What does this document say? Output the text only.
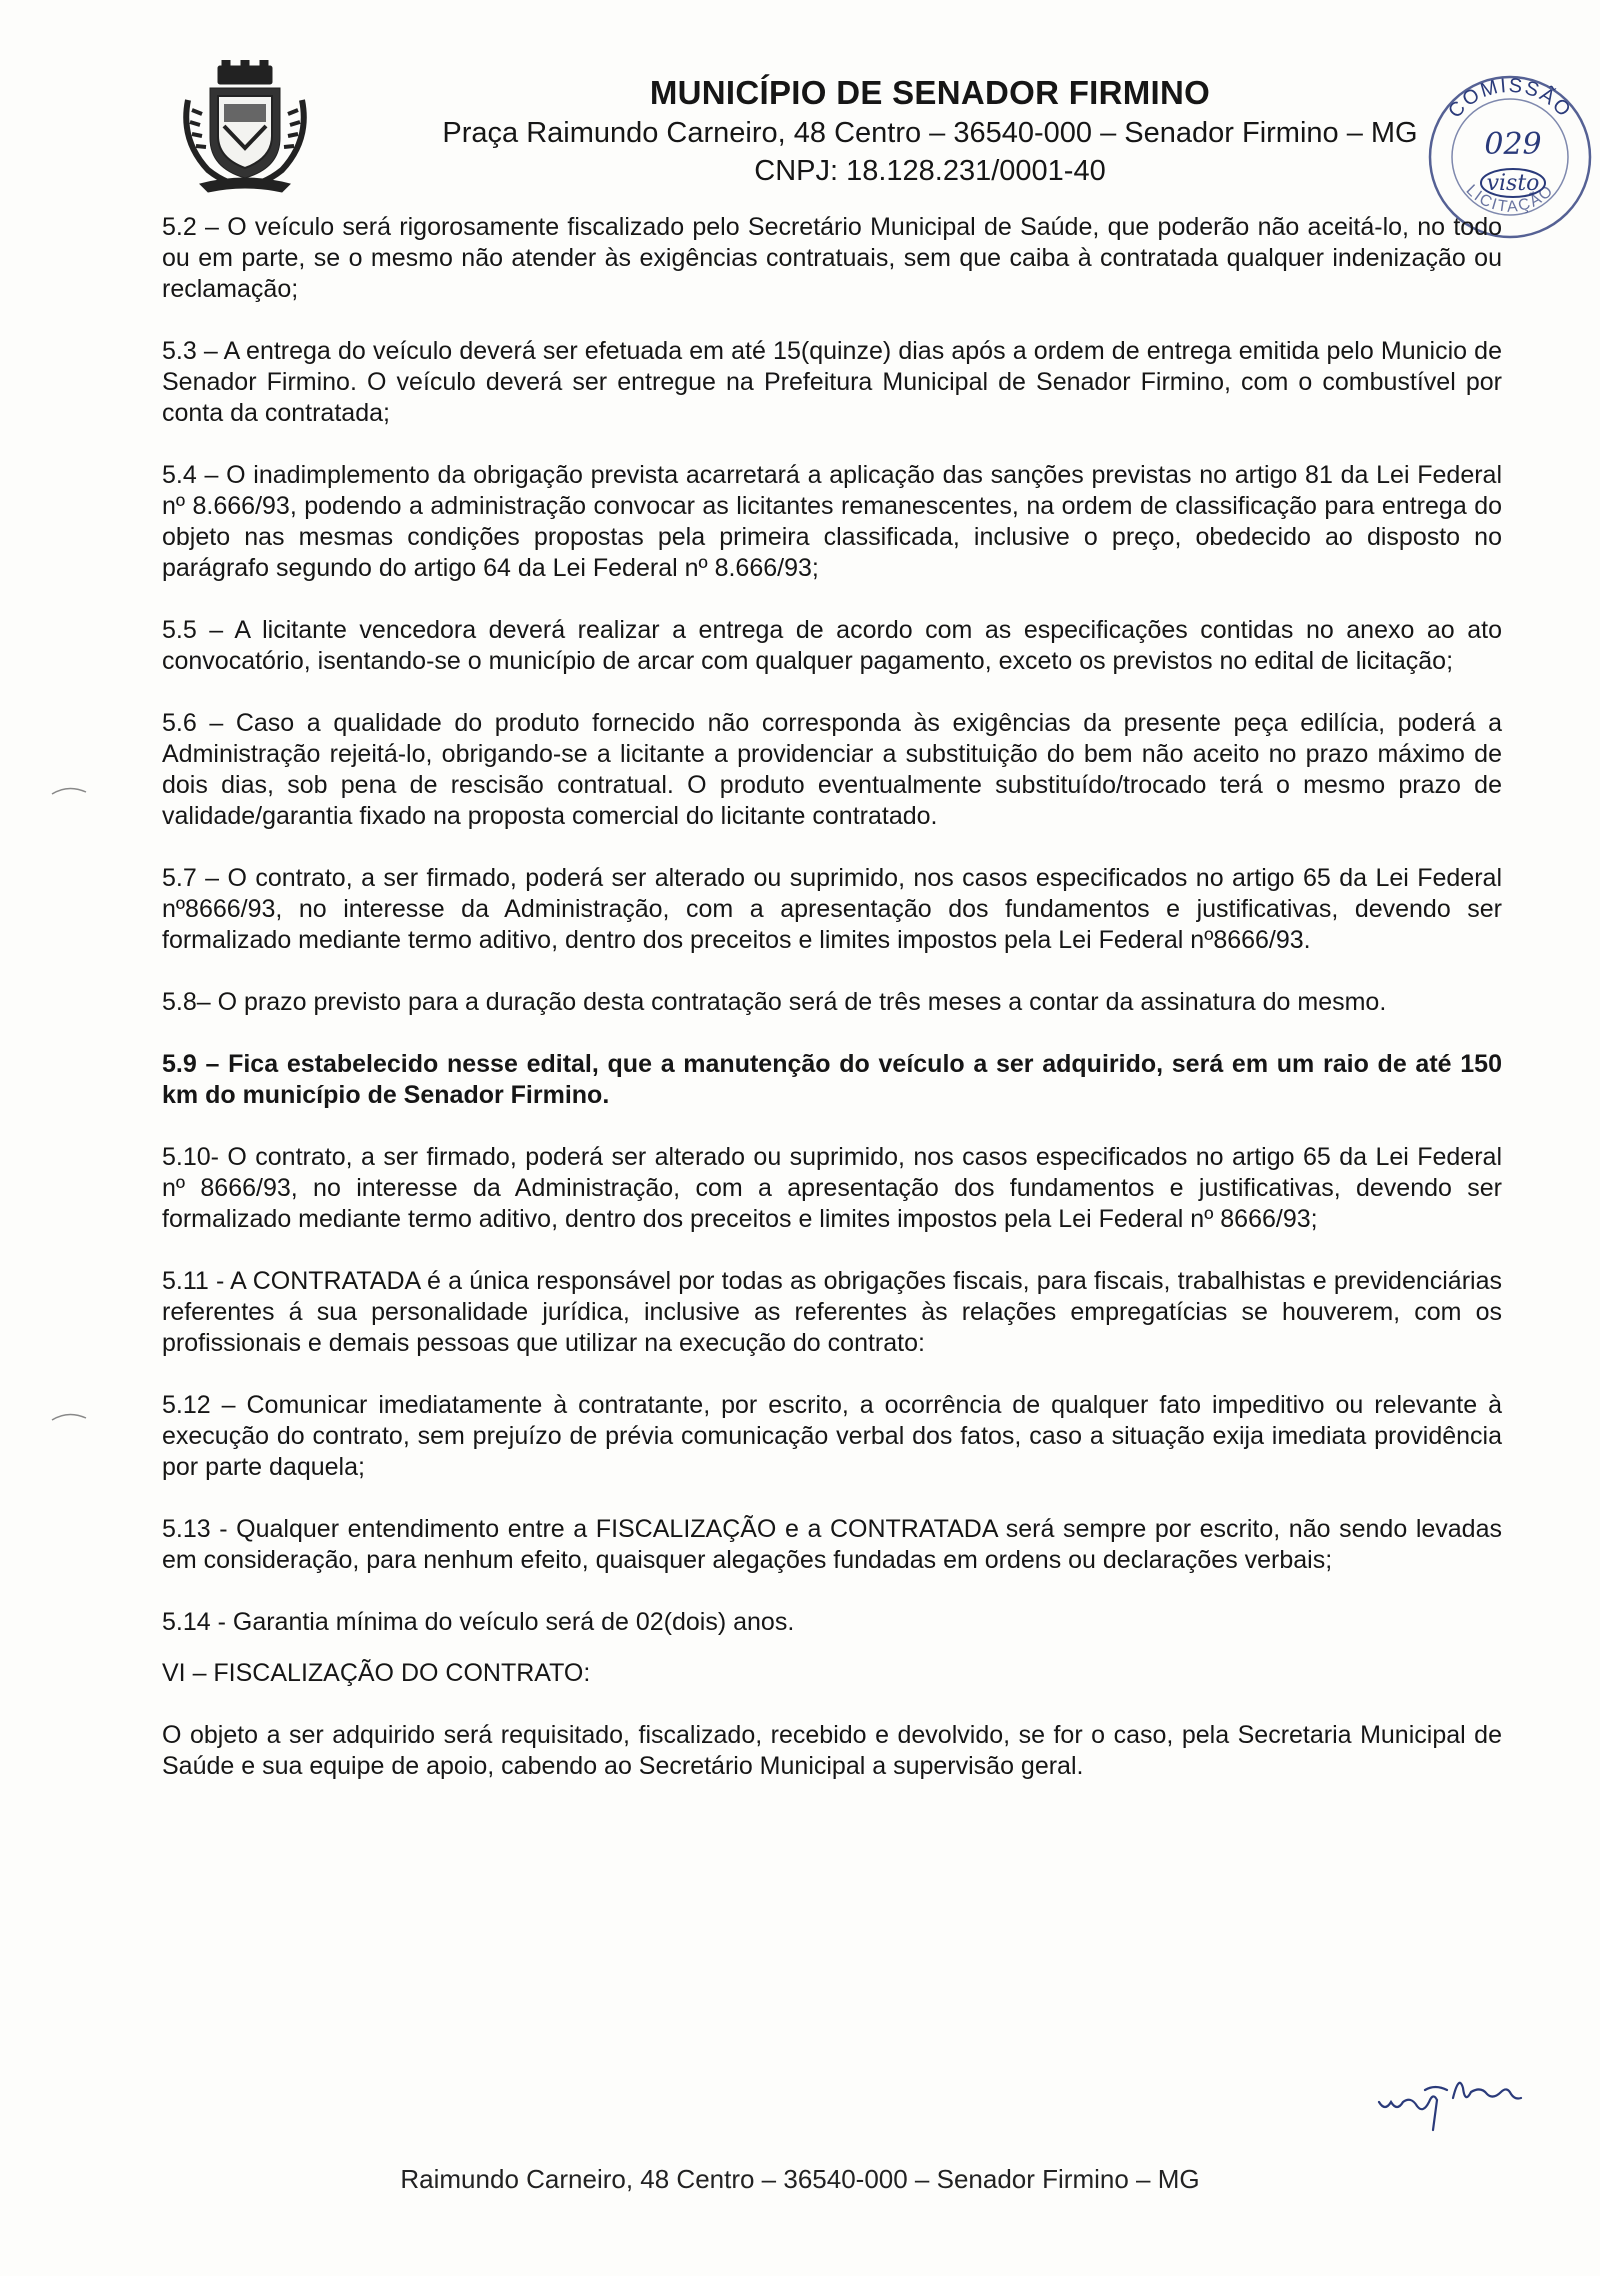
MUNICÍPIO DE SENADOR FIRMINO

Praça Raimundo Carneiro, 48 Centro – 36540-000 – Senador Firmino – MG

CNPJ: 18.128.231/0001-40

COMISSÃO
LICITAÇÃO
029
visto

5.2 – O veículo será rigorosamente fiscalizado pelo Secretário Municipal de Saúde, que poderão não aceitá-lo, no todo ou em parte, se o mesmo não atender às exigências contratuais, sem que caiba à contratada qualquer indenização ou reclamação;

5.3 – A entrega do veículo deverá ser efetuada em até 15(quinze) dias após a ordem de entrega emitida pelo Municio de Senador Firmino. O veículo deverá ser entregue na Prefeitura Municipal de Senador Firmino, com o combustível por conta da contratada;

5.4 – O inadimplemento da obrigação prevista acarretará a aplicação das sanções previstas no artigo 81 da Lei Federal nº 8.666/93, podendo a administração convocar as licitantes remanescentes, na ordem de classificação para entrega do objeto nas mesmas condições propostas pela primeira classificada, inclusive o preço, obedecido ao disposto no parágrafo segundo do artigo 64 da Lei Federal nº 8.666/93;

5.5 – A licitante vencedora deverá realizar a entrega de acordo com as especificações contidas no anexo ao ato convocatório, isentando-se o município de arcar com qualquer pagamento, exceto os previstos no edital de licitação;

5.6 – Caso a qualidade do produto fornecido não corresponda às exigências da presente peça edilícia, poderá a Administração rejeitá-lo, obrigando-se a licitante a providenciar a substituição do bem não aceito no prazo máximo de dois dias, sob pena de rescisão contratual. O produto eventualmente substituído/trocado terá o mesmo prazo de validade/garantia fixado na proposta comercial do licitante contratado.

5.7 – O contrato, a ser firmado, poderá ser alterado ou suprimido, nos casos especificados no artigo 65 da Lei Federal nº8666/93, no interesse da Administração, com a apresentação dos fundamentos e justificativas, devendo ser formalizado mediante termo aditivo, dentro dos preceitos e limites impostos pela Lei Federal nº8666/93.

5.8– O prazo previsto para a duração desta contratação será de três meses a contar da assinatura do mesmo.

5.9 – Fica estabelecido nesse edital, que a manutenção do veículo a ser adquirido, será em um raio de até 150 km do município de Senador Firmino.

5.10- O contrato, a ser firmado, poderá ser alterado ou suprimido, nos casos especificados no artigo 65 da Lei Federal nº 8666/93, no interesse da Administração, com a apresentação dos fundamentos e justificativas, devendo ser formalizado mediante termo aditivo, dentro dos preceitos e limites impostos pela Lei Federal nº 8666/93;

5.11 - A CONTRATADA é a única responsável por todas as obrigações fiscais, para fiscais, trabalhistas e previdenciárias referentes á sua personalidade jurídica, inclusive as referentes às relações empregatícias se houverem, com os profissionais e demais pessoas que utilizar na execução do contrato:

5.12 – Comunicar imediatamente à contratante, por escrito, a ocorrência de qualquer fato impeditivo ou relevante à execução do contrato, sem prejuízo de prévia comunicação verbal dos fatos, caso a situação exija imediata providência por parte daquela;

5.13 - Qualquer entendimento entre a FISCALIZAÇÃO e a CONTRATADA será sempre por escrito, não sendo levadas em consideração, para nenhum efeito, quaisquer alegações fundadas em ordens ou declarações verbais;

5.14 - Garantia mínima do veículo será de 02(dois) anos.

VI – FISCALIZAÇÃO DO CONTRATO:

O objeto a ser adquirido será requisitado, fiscalizado, recebido e devolvido, se for o caso, pela Secretaria Municipal de Saúde e sua equipe de apoio, cabendo ao Secretário Municipal a supervisão geral.

Raimundo Carneiro, 48 Centro – 36540-000 – Senador Firmino – MG
